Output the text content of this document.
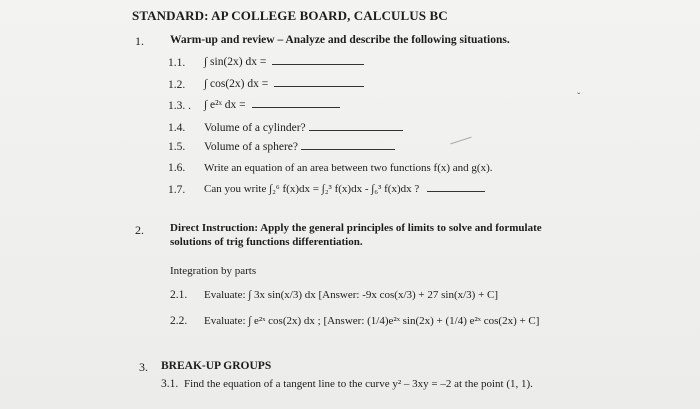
STANDARD: AP COLLEGE BOARD, CALCULUS BC
1. Warm-up and review – Analyze and describe the following situations.
1.1. ∫ sin(2x) dx =
1.2. ∫ cos(2x) dx =
1.3. . ∫ e²ˣ dx =
1.4. Volume of a cylinder?
1.5. Volume of a sphere?
1.6. Write an equation of an area between two functions f(x) and g(x).
1.7. Can you write ∫₂⁶ f(x)dx = ∫₂³ f(x)dx - ∫₆³ f(x)dx ?
ˇ
2. Direct Instruction: Apply the general principles of limits to solve and formulate
solutions of trig functions differentiation.
Integration by parts
2.1. Evaluate: ∫ 3x sin(x/3) dx [Answer: -9x cos(x/3) + 27 sin(x/3) + C]
2.2. Evaluate: ∫ e²ˣ cos(2x) dx ; [Answer: (1/4)e²ˣ sin(2x) + (1/4) e²ˣ cos(2x) + C]
3. BREAK-UP GROUPS
3.1. Find the equation of a tangent line to the curve y² – 3xy = –2 at the point (1, 1).
